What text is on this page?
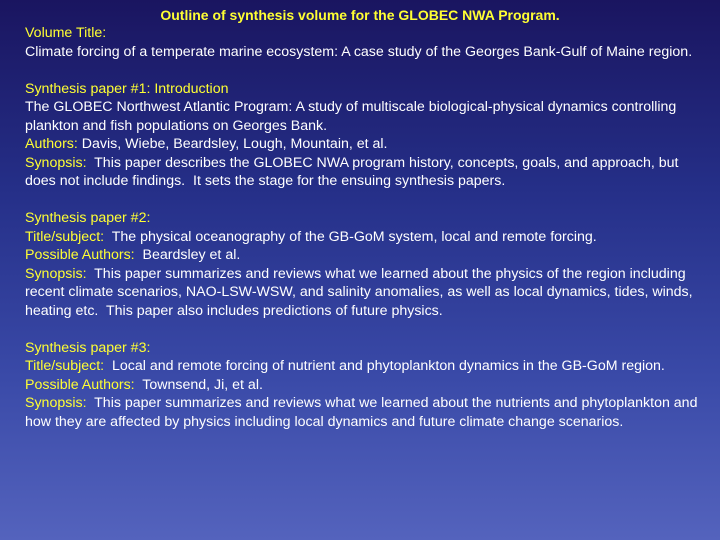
Outline of synthesis volume for the GLOBEC NWA Program.

Volume Title:

Climate forcing of a temperate marine ecosystem: A case study of the Georges Bank-Gulf of Maine region.

Synthesis paper #1: Introduction

The GLOBEC Northwest Atlantic Program: A study of multiscale biological-physical dynamics controlling plankton and fish populations on Georges Bank.

Authors: Davis, Wiebe, Beardsley, Lough, Mountain, et al.

Synopsis:  This paper describes the GLOBEC NWA program history, concepts, goals, and approach, but does not include findings.  It sets the stage for the ensuing synthesis papers.

Synthesis paper #2:

Title/subject:  The physical oceanography of the GB-GoM system, local and remote forcing.

Possible Authors:  Beardsley et al.

Synopsis:  This paper summarizes and reviews what we learned about the physics of the region including recent climate scenarios, NAO-LSW-WSW, and salinity anomalies, as well as local dynamics, tides, winds, heating etc.  This paper also includes predictions of future physics.

Synthesis paper #3:

Title/subject:  Local and remote forcing of nutrient and phytoplankton dynamics in the GB-GoM region.

Possible Authors:  Townsend, Ji, et al.

Synopsis:  This paper summarizes and reviews what we learned about the nutrients and phytoplankton and how they are affected by physics including local dynamics and future climate change scenarios.
